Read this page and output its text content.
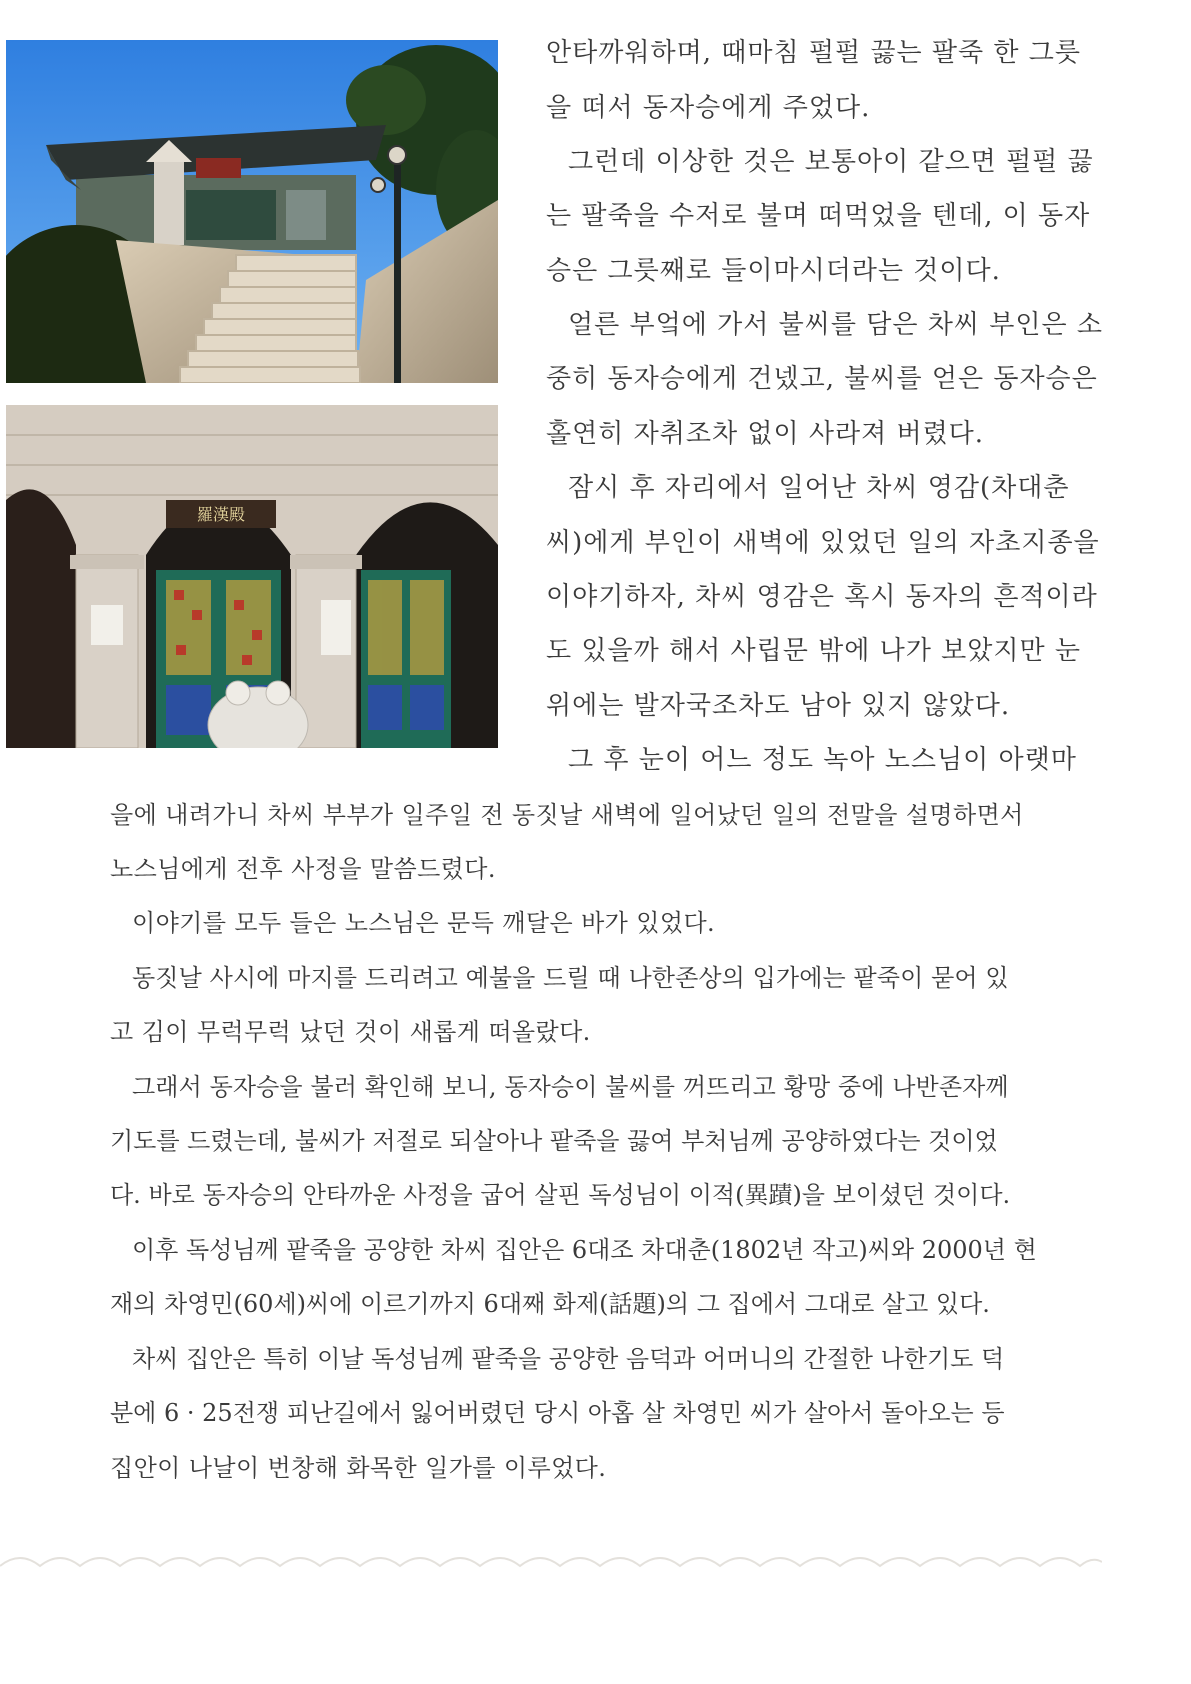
羅漢殿
안타까워하며, 때마침 펄펄 끓는 팔죽 한 그릇
을 떠서 동자승에게 주었다.
그런데 이상한 것은 보통아이 같으면 펄펄 끓
는 팔죽을 수저로 불며 떠먹었을 텐데, 이 동자
승은 그릇째로 들이마시더라는 것이다.
얼른 부엌에 가서 불씨를 담은 차씨 부인은 소
중히 동자승에게 건넸고, 불씨를 얻은 동자승은
홀연히 자취조차 없이 사라져 버렸다.
잠시 후 자리에서 일어난 차씨 영감(차대춘
씨)에게 부인이 새벽에 있었던 일의 자초지종을
이야기하자, 차씨 영감은 혹시 동자의 흔적이라
도 있을까 해서 사립문 밖에 나가 보았지만 눈
위에는 발자국조차도 남아 있지 않았다.
그 후 눈이 어느 정도 녹아 노스님이 아랫마
을에 내려가니 차씨 부부가 일주일 전 동짓날 새벽에 일어났던 일의 전말을 설명하면서
노스님에게 전후 사정을 말씀드렸다.
이야기를 모두 들은 노스님은 문득 깨달은 바가 있었다.
동짓날 사시에 마지를 드리려고 예불을 드릴 때 나한존상의 입가에는 팥죽이 묻어 있
고 김이 무럭무럭 났던 것이 새롭게 떠올랐다.
그래서 동자승을 불러 확인해 보니, 동자승이 불씨를 꺼뜨리고 황망 중에 나반존자께
기도를 드렸는데, 불씨가 저절로 되살아나 팥죽을 끓여 부처님께 공양하였다는 것이었
다. 바로 동자승의 안타까운 사정을 굽어 살핀 독성님이 이적(異蹟)을 보이셨던 것이다.
이후 독성님께 팥죽을 공양한 차씨 집안은 6대조 차대춘(1802년 작고)씨와 2000년 현
재의 차영민(60세)씨에 이르기까지 6대째 화제(話題)의 그 집에서 그대로 살고 있다.
차씨 집안은 특히 이날 독성님께 팥죽을 공양한 음덕과 어머니의 간절한 나한기도 덕
분에 6 · 25전쟁 피난길에서 잃어버렸던 당시 아홉 살 차영민 씨가 살아서 돌아오는 등
집안이 나날이 번창해 화목한 일가를 이루었다.
